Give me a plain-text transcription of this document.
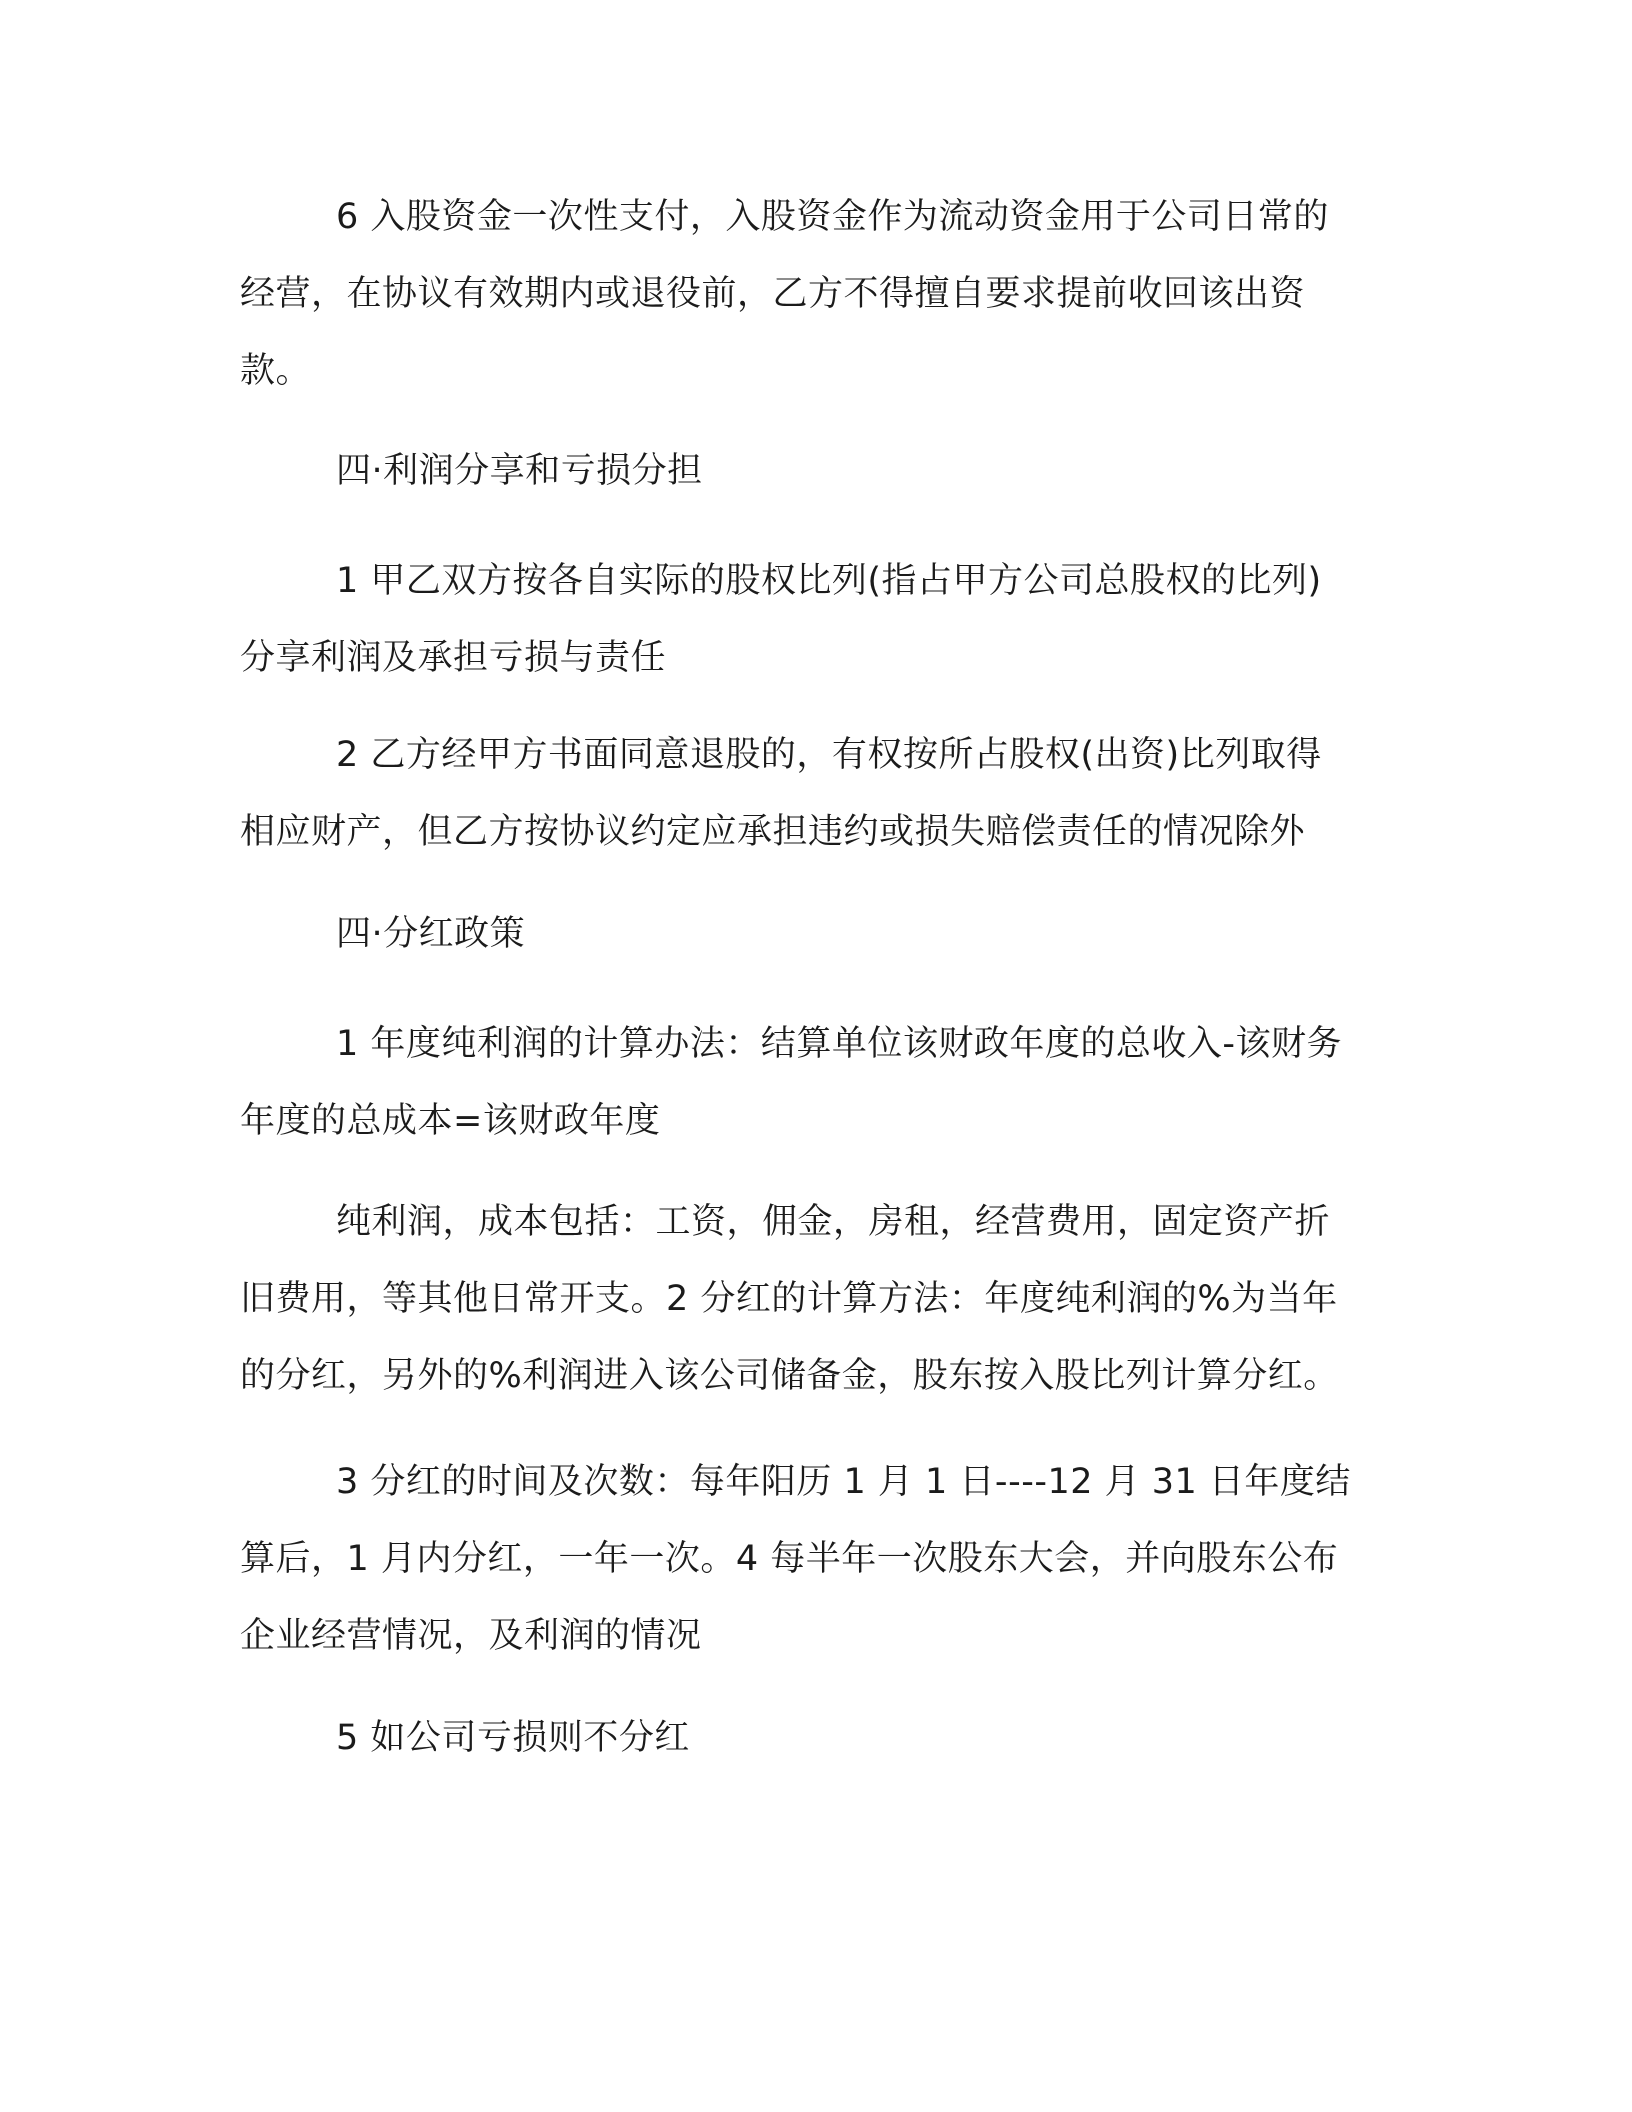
6 入股资金一次性支付，入股资金作为流动资金用于公司日常的
经营，在协议有效期内或退役前，乙方不得擅自要求提前收回该出资
款。

四·利润分享和亏损分担

1 甲乙双方按各自实际的股权比列(指占甲方公司总股权的比列)
分享利润及承担亏损与责任

2 乙方经甲方书面同意退股的，有权按所占股权(出资)比列取得
相应财产，但乙方按协议约定应承担违约或损失赔偿责任的情况除外

四·分红政策

1 年度纯利润的计算办法：结算单位该财政年度的总收入-该财务
年度的总成本=该财政年度

纯利润，成本包括：工资，佣金，房租，经营费用，固定资产折
旧费用，等其他日常开支。2 分红的计算方法：年度纯利润的%为当年
的分红，另外的%利润进入该公司储备金，股东按入股比列计算分红。

3 分红的时间及次数：每年阳历 1 月 1 日----12 月 31 日年度结
算后，1 月内分红，一年一次。4 每半年一次股东大会，并向股东公布
企业经营情况，及利润的情况

5 如公司亏损则不分红
